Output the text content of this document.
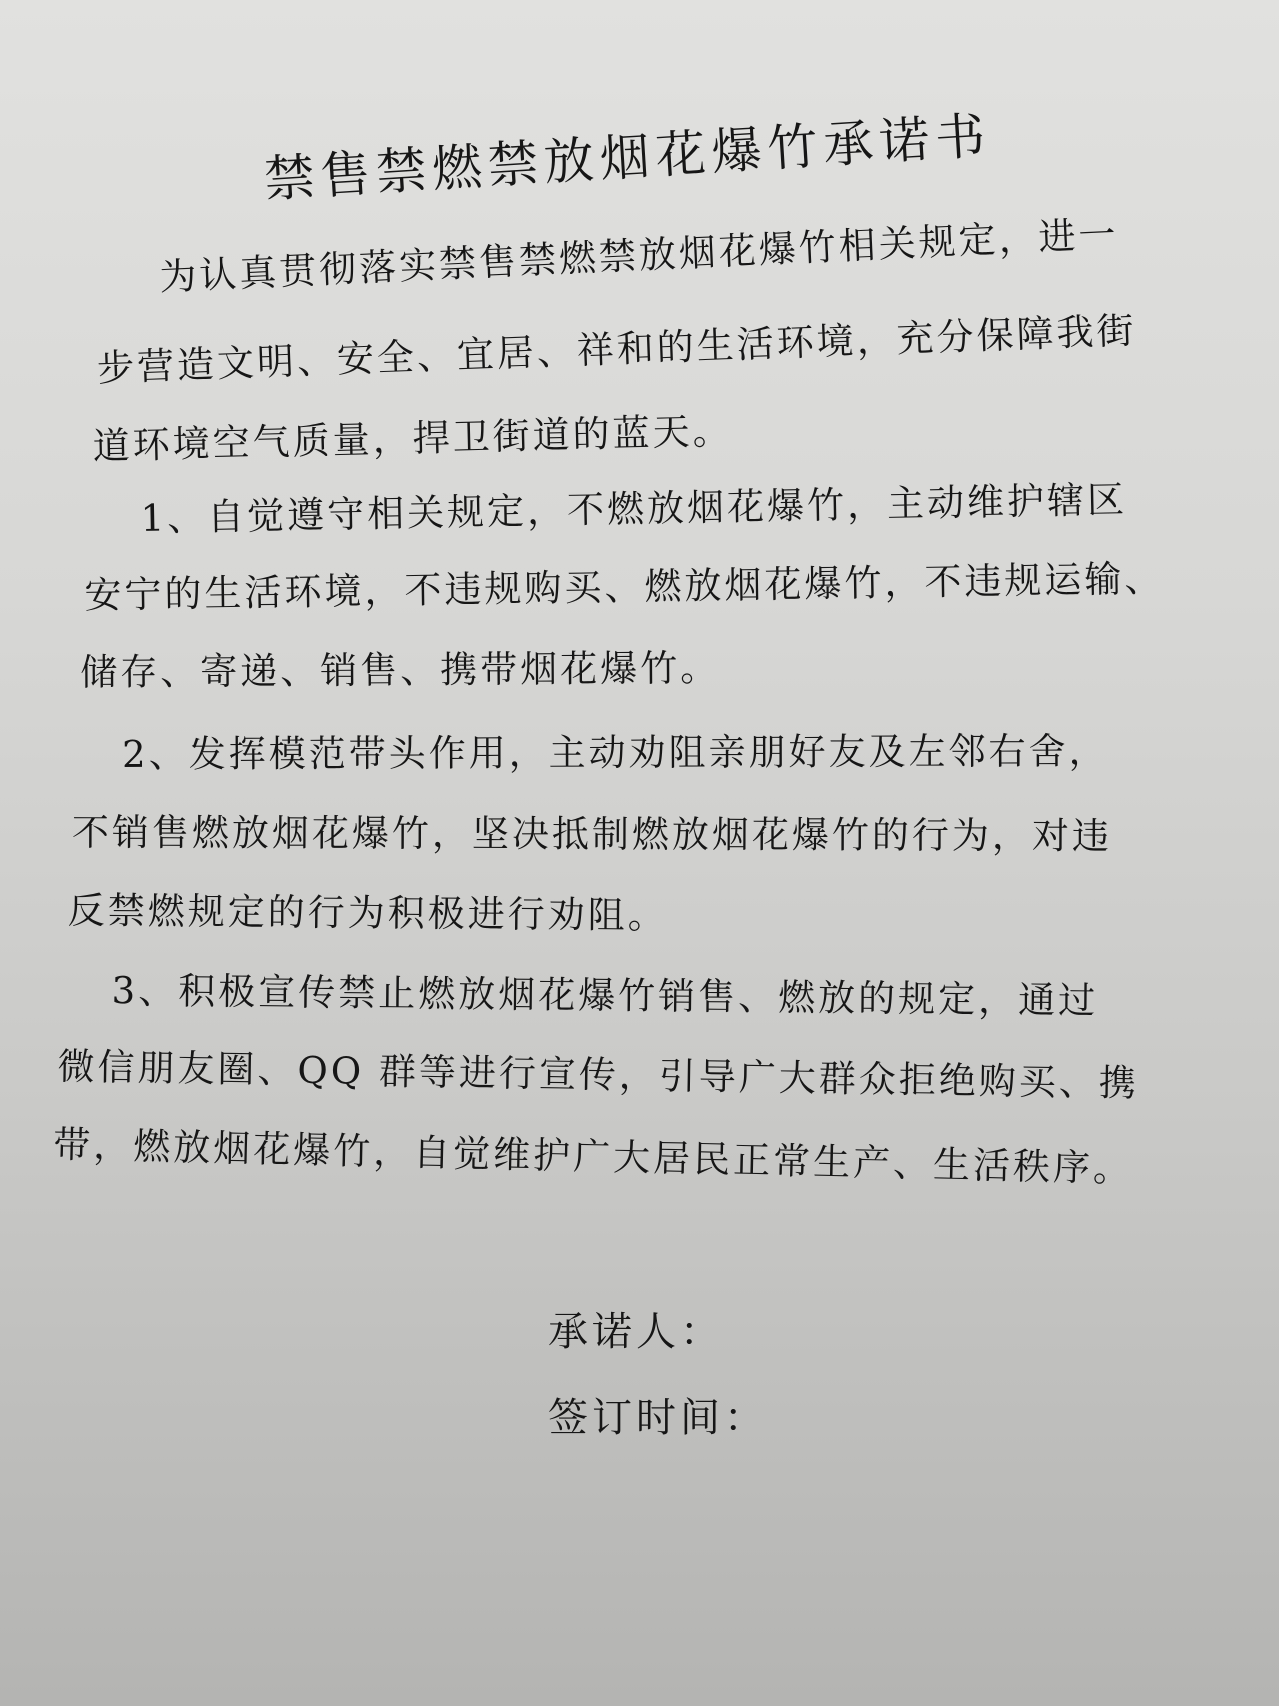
禁售禁燃禁放烟花爆竹承诺书
为认真贯彻落实禁售禁燃禁放烟花爆竹相关规定，进一
步营造文明、安全、宜居、祥和的生活环境，充分保障我街
道环境空气质量，捍卫街道的蓝天。
1、自觉遵守相关规定，不燃放烟花爆竹，主动维护辖区
安宁的生活环境，不违规购买、燃放烟花爆竹，不违规运输、
储存、寄递、销售、携带烟花爆竹。
2、发挥模范带头作用，主动劝阻亲朋好友及左邻右舍，
不销售燃放烟花爆竹，坚决抵制燃放烟花爆竹的行为，对违
反禁燃规定的行为积极进行劝阻。
3、积极宣传禁止燃放烟花爆竹销售、燃放的规定，通过
微信朋友圈、QQ 群等进行宣传，引导广大群众拒绝购买、携
带，燃放烟花爆竹，自觉维护广大居民正常生产、生活秩序。
承诺人：
签订时间：
